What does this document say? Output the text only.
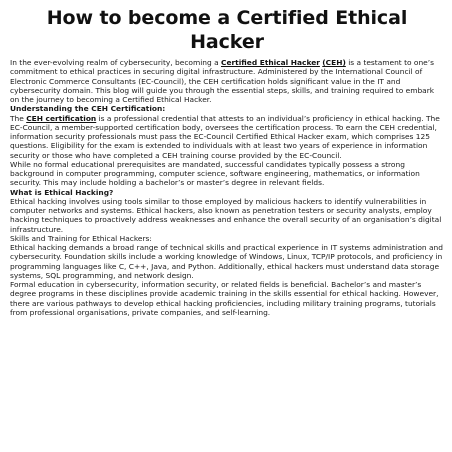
How to become a Certified Ethical
Hacker

In the ever-evolving realm of cybersecurity, becoming a Certified Ethical Hacker (CEH) is a testament to one’s commitment to ethical practices in securing digital infrastructure. Administered by the International Council of Electronic Commerce Consultants (EC-Council), the CEH certification holds significant value in the IT and cybersecurity domain. This blog will guide you through the essential steps, skills, and training required to embark on the journey to becoming a Certified Ethical Hacker.

Understanding the CEH Certification:

The CEH certification is a professional credential that attests to an individual’s proficiency in ethical hacking. The EC-Council, a member-supported certification body, oversees the certification process. To earn the CEH credential, information security professionals must pass the EC-Council Certified Ethical Hacker exam, which comprises 125 questions. Eligibility for the exam is extended to individuals with at least two years of experience in information security or those who have completed a CEH training course provided by the EC-Council.

While no formal educational prerequisites are mandated, successful candidates typically possess a strong background in computer programming, computer science, software engineering, mathematics, or information security. This may include holding a bachelor’s or master’s degree in relevant fields.

What is Ethical Hacking?

Ethical hacking involves using tools similar to those employed by malicious hackers to identify vulnerabilities in computer networks and systems. Ethical hackers, also known as penetration testers or security analysts, employ hacking techniques to proactively address weaknesses and enhance the overall security of an organisation’s digital infrastructure.

Skills and Training for Ethical Hackers:

Ethical hacking demands a broad range of technical skills and practical experience in IT systems administration and cybersecurity. Foundation skills include a working knowledge of Windows, Linux, TCP/IP protocols, and proficiency in programming languages like C, C++, Java, and Python. Additionally, ethical hackers must understand data storage systems, SQL programming, and network design.

Formal education in cybersecurity, information security, or related fields is beneficial. Bachelor’s and master’s degree programs in these disciplines provide academic training in the skills essential for ethical hacking. However, there are various pathways to develop ethical hacking proficiencies, including military training programs, tutorials from professional organisations, private companies, and self-learning.
